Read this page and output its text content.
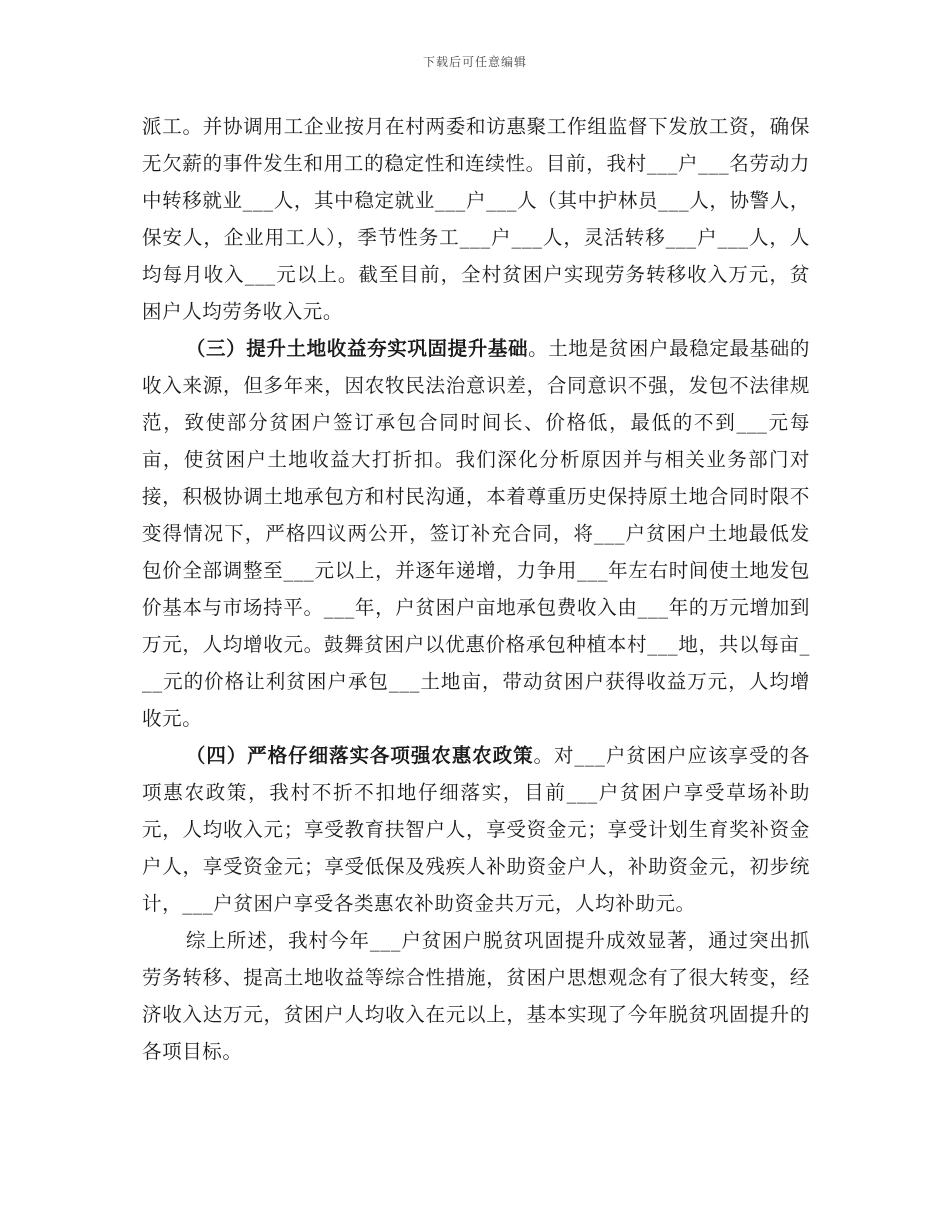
下载后可任意编辑

派工。并协调用工企业按月在村两委和访惠聚工作组监督下发放工资，确保无欠薪的事件发生和用工的稳定性和连续性。目前，我村___户___名劳动力中转移就业___人，其中稳定就业___户___人（其中护林员___人，协警人，保安人，企业用工人），季节性务工___户___人，灵活转移___户___人，人均每月收入___元以上。截至目前，全村贫困户实现劳务转移收入万元，贫困户人均劳务收入元。

（三）提升土地收益夯实巩固提升基础。土地是贫困户最稳定最基础的收入来源，但多年来，因农牧民法治意识差，合同意识不强，发包不法律规范，致使部分贫困户签订承包合同时间长、价格低，最低的不到___元每亩，使贫困户土地收益大打折扣。我们深化分析原因并与相关业务部门对接，积极协调土地承包方和村民沟通，本着尊重历史保持原土地合同时限不变得情况下，严格四议两公开，签订补充合同，将___户贫困户土地最低发包价全部调整至___元以上，并逐年递增，力争用___年左右时间使土地发包价基本与市场持平。___年，户贫困户亩地承包费收入由___年的万元增加到万元，人均增收元。鼓舞贫困户以优惠价格承包种植本村___地，共以每亩___元的价格让利贫困户承包___土地亩，带动贫困户获得收益万元，人均增收元。

（四）严格仔细落实各项强农惠农政策。对___户贫困户应该享受的各项惠农政策，我村不折不扣地仔细落实，目前___户贫困户享受草场补助元，人均收入元；享受教育扶智户人，享受资金元；享受计划生育奖补资金户人，享受资金元；享受低保及残疾人补助资金户人，补助资金元，初步统计，___户贫困户享受各类惠农补助资金共万元，人均补助元。

综上所述，我村今年___户贫困户脱贫巩固提升成效显著，通过突出抓劳务转移、提高土地收益等综合性措施，贫困户思想观念有了很大转变，经济收入达万元，贫困户人均收入在元以上，基本实现了今年脱贫巩固提升的各项目标。
